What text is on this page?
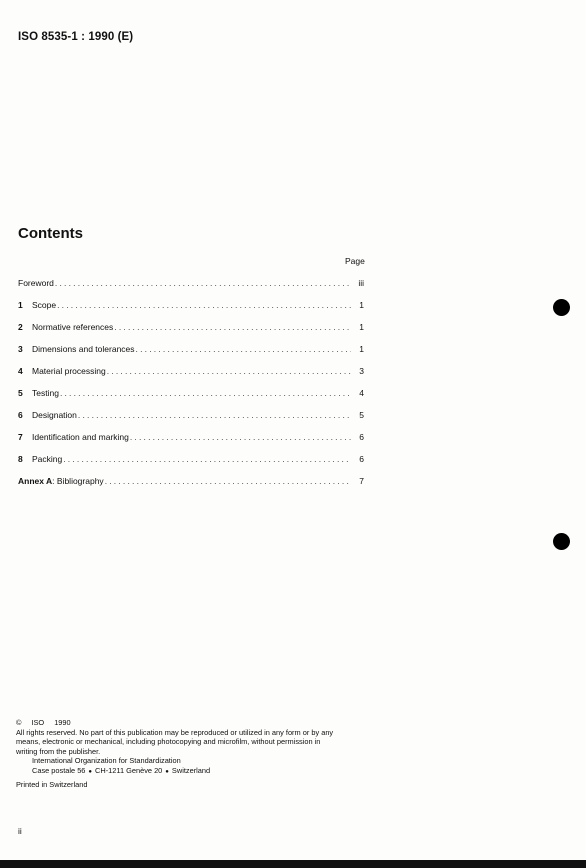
ISO 8535-1 : 1990 (E)
Contents
Page
Foreword .....	iii
1	Scope .....	1
2	Normative references .....	1
3	Dimensions and tolerances .....	1
4	Material processing .....	3
5	Testing .....	4
6	Designation .....	5
7	Identification and marking .....	6
8	Packing .....	6
Annex A: Bibliography .....	7
© ISO 1990
All rights reserved. No part of this publication may be reproduced or utilized in any form or by any
means, electronic or mechanical, including photocopying and microfilm, without permission in
writing from the publisher.
International Organization for Standardization
Case postale 56 ● CH-1211 Genève 20 ● Switzerland
Printed in Switzerland
ii
